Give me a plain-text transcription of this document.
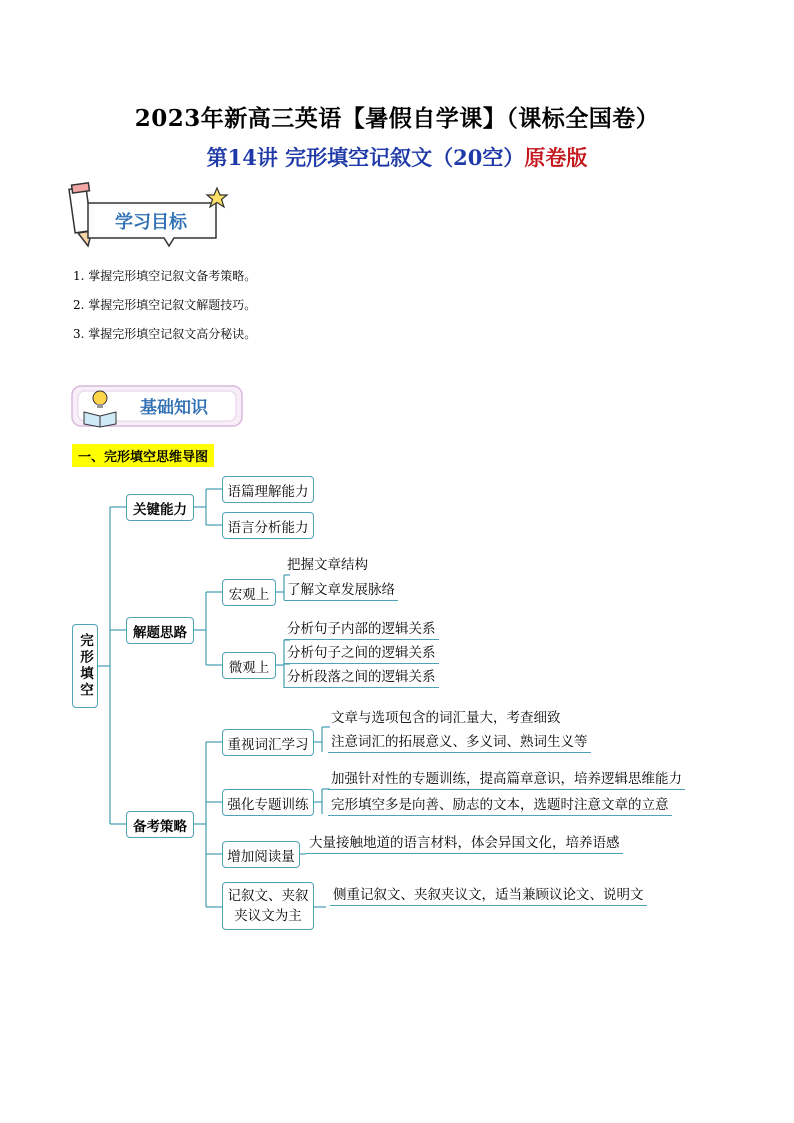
2023年新高三英语【暑假自学课】（课标全国卷）
第14讲 完形填空记叙文（20空）原卷版
学习目标
1. 掌握完形填空记叙文备考策略。
2. 掌握完形填空记叙文解题技巧。
3. 掌握完形填空记叙文高分秘诀。
基础知识
一、完形填空思维导图
完形填空
关键能力
解题思路
备考策略
语篇理解能力
语言分析能力
宏观上
微观上
把握文章结构
了解文章发展脉络
分析句子内部的逻辑关系
分析句子之间的逻辑关系
分析段落之间的逻辑关系
重视词汇学习
强化专题训练
增加阅读量
记叙文、夹叙
夹议文为主
文章与选项包含的词汇量大，考查细致
注意词汇的拓展意义、多义词、熟词生义等
加强针对性的专题训练，提高篇章意识，培养逻辑思维能力
完形填空多是向善、励志的文本，选题时注意文章的立意
大量接触地道的语言材料，体会异国文化，培养语感
侧重记叙文、夹叙夹议文，适当兼顾议论文、说明文
